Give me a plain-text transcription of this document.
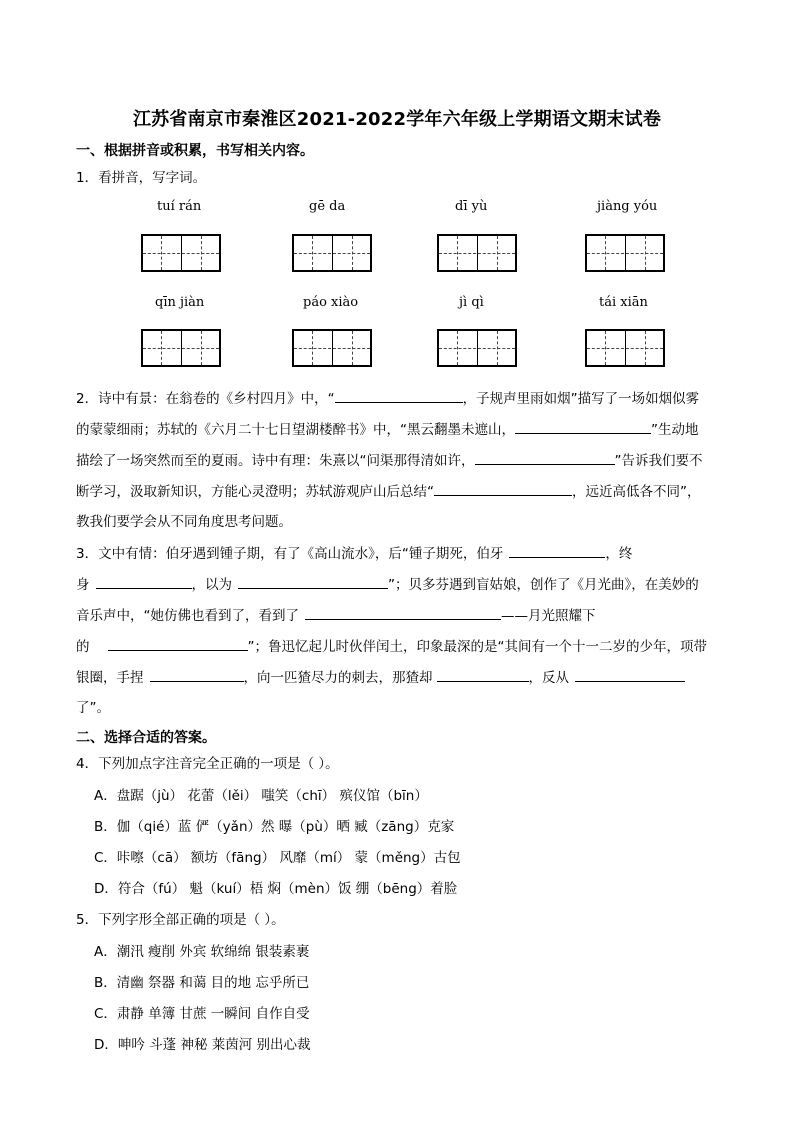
江苏省南京市秦淮区2021-2022学年六年级上学期语文期末试卷
一、根据拼音或积累，书写相关内容。
1．看拼音，写字词。
tuí rán	gē da	dī yù	jiàng yóu
qīn jiàn	páo xiào	jì qì	tái xiān
2．诗中有景：在翁卷的《乡村四月》中，“	，子规声里雨如烟”描写了一场如烟似雾
的蒙蒙细雨；苏轼的《六月二十七日望湖楼醉书》中，“黑云翻墨未遮山，	”生动地
描绘了一场突然而至的夏雨。诗中有理：朱熹以“问渠那得清如许，	”告诉我们要不
断学习，汲取新知识，方能心灵澄明；苏轼游观庐山后总结“	，远近高低各不同”，
教我们要学会从不同角度思考问题。
3．文中有情：伯牙遇到锺子期，有了《高山流水》，后“锺子期死，伯牙	，终
身	，以为	”；贝多芬遇到盲姑娘，创作了《月光曲》，在美妙的
音乐声中，“她仿佛也看到了，看到了	——月光照耀下
的	”；鲁迅忆起儿时伙伴闰土，印象最深的是“其间有一个十一二岁的少年，项带
银圈，手捏	，向一匹猹尽力的刺去，那猹却	，反从
了”。
二、选择合适的答案。
4．下列加点字注音完全正确的一项是（ ）。
A．盘踞（jù） 花蕾（lěi） 嗤笑（chī） 殡仪馆（bīn）
B．伽（qié）蓝 俨（yǎn）然 曝（pù）晒 臧（zāng）克家
C．咔嚓（cā） 额坊（fāng） 风靡（mí） 蒙（měng）古包
D．符合（fú） 魁（kuí）梧 焖（mèn）饭 绷（bēng）着脸
5．下列字形全部正确的项是（ ）。
A．潮汛 瘦削 外宾 软绵绵 银装素裹
B．清幽 祭器 和蔼 目的地 忘乎所已
C．肃静 单簿 甘蔗 一瞬间 自作自受
D．呻吟 斗蓬 神秘 莱茵河 别出心裁
